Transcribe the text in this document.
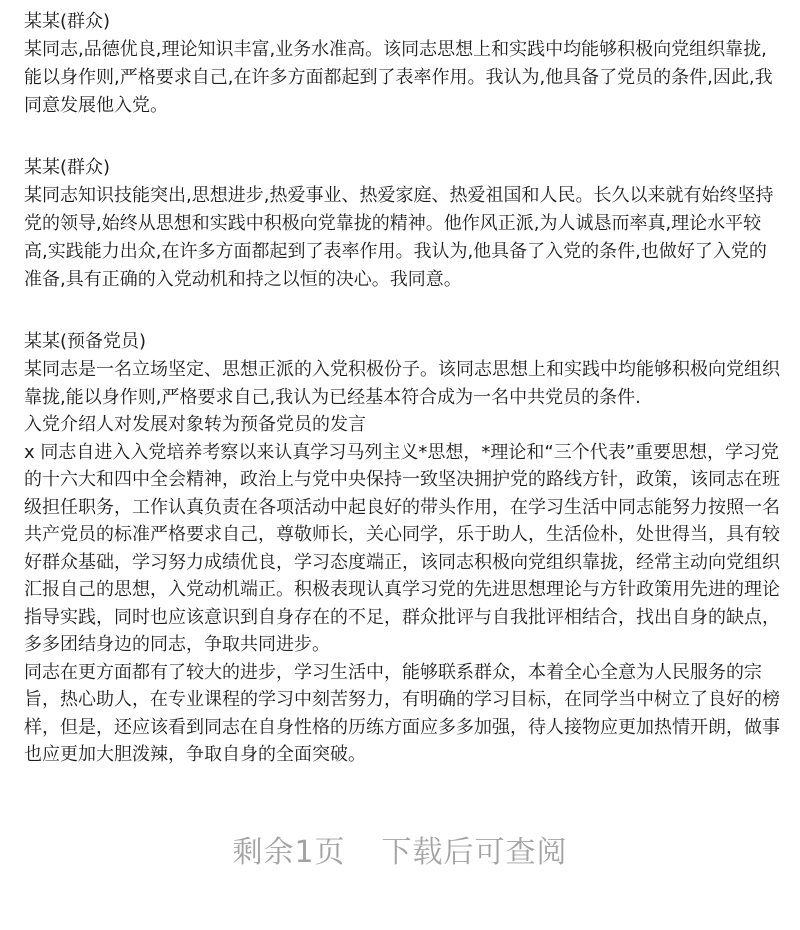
某某(群众)

某同志,品德优良,理论知识丰富,业务水准高。该同志思想上和实践中均能够积极向党组织靠拢,能以身作则,严格要求自己,在许多方面都起到了表率作用。我认为,他具备了党员的条件,因此,我同意发展他入党。

某某(群众)

某同志知识技能突出,思想进步,热爱事业、热爱家庭、热爱祖国和人民。长久以来就有始终坚持党的领导,始终从思想和实践中积极向党靠拢的精神。他作风正派,为人诚恳而率真,理论水平较高,实践能力出众,在许多方面都起到了表率作用。我认为,他具备了入党的条件,也做好了入党的准备,具有正确的入党动机和持之以恒的决心。我同意。

某某(预备党员)

某同志是一名立场坚定、思想正派的入党积极份子。该同志思想上和实践中均能够积极向党组织靠拢,能以身作则,严格要求自己,我认为已经基本符合成为一名中共党员的条件.

入党介绍人对发展对象转为预备党员的发言

x 同志自进入入党培养考察以来认真学习马列主义*思想，*理论和“三个代表”重要思想，学习党的十六大和四中全会精神，政治上与党中央保持一致坚决拥护党的路线方针，政策，该同志在班级担任职务，工作认真负责在各项活动中起良好的带头作用，在学习生活中同志能努力按照一名共产党员的标准严格要求自己，尊敬师长，关心同学，乐于助人，生活俭朴，处世得当，具有较好群众基础，学习努力成绩优良，学习态度端正，该同志积极向党组织靠拢，经常主动向党组织汇报自己的思想，入党动机端正。积极表现认真学习党的先进思想理论与方针政策用先进的理论指导实践，同时也应该意识到自身存在的不足，群众批评与自我批评相结合，找出自身的缺点，多多团结身边的同志，争取共同进步。

同志在更方面都有了较大的进步，学习生活中，能够联系群众，本着全心全意为人民服务的宗旨，热心助人，在专业课程的学习中刻苦努力，有明确的学习目标，在同学当中树立了良好的榜样，但是，还应该看到同志在自身性格的历练方面应多多加强，待人接物应更加热情开朗，做事也应更加大胆泼辣，争取自身的全面突破。

剩余1页 下载后可查阅
